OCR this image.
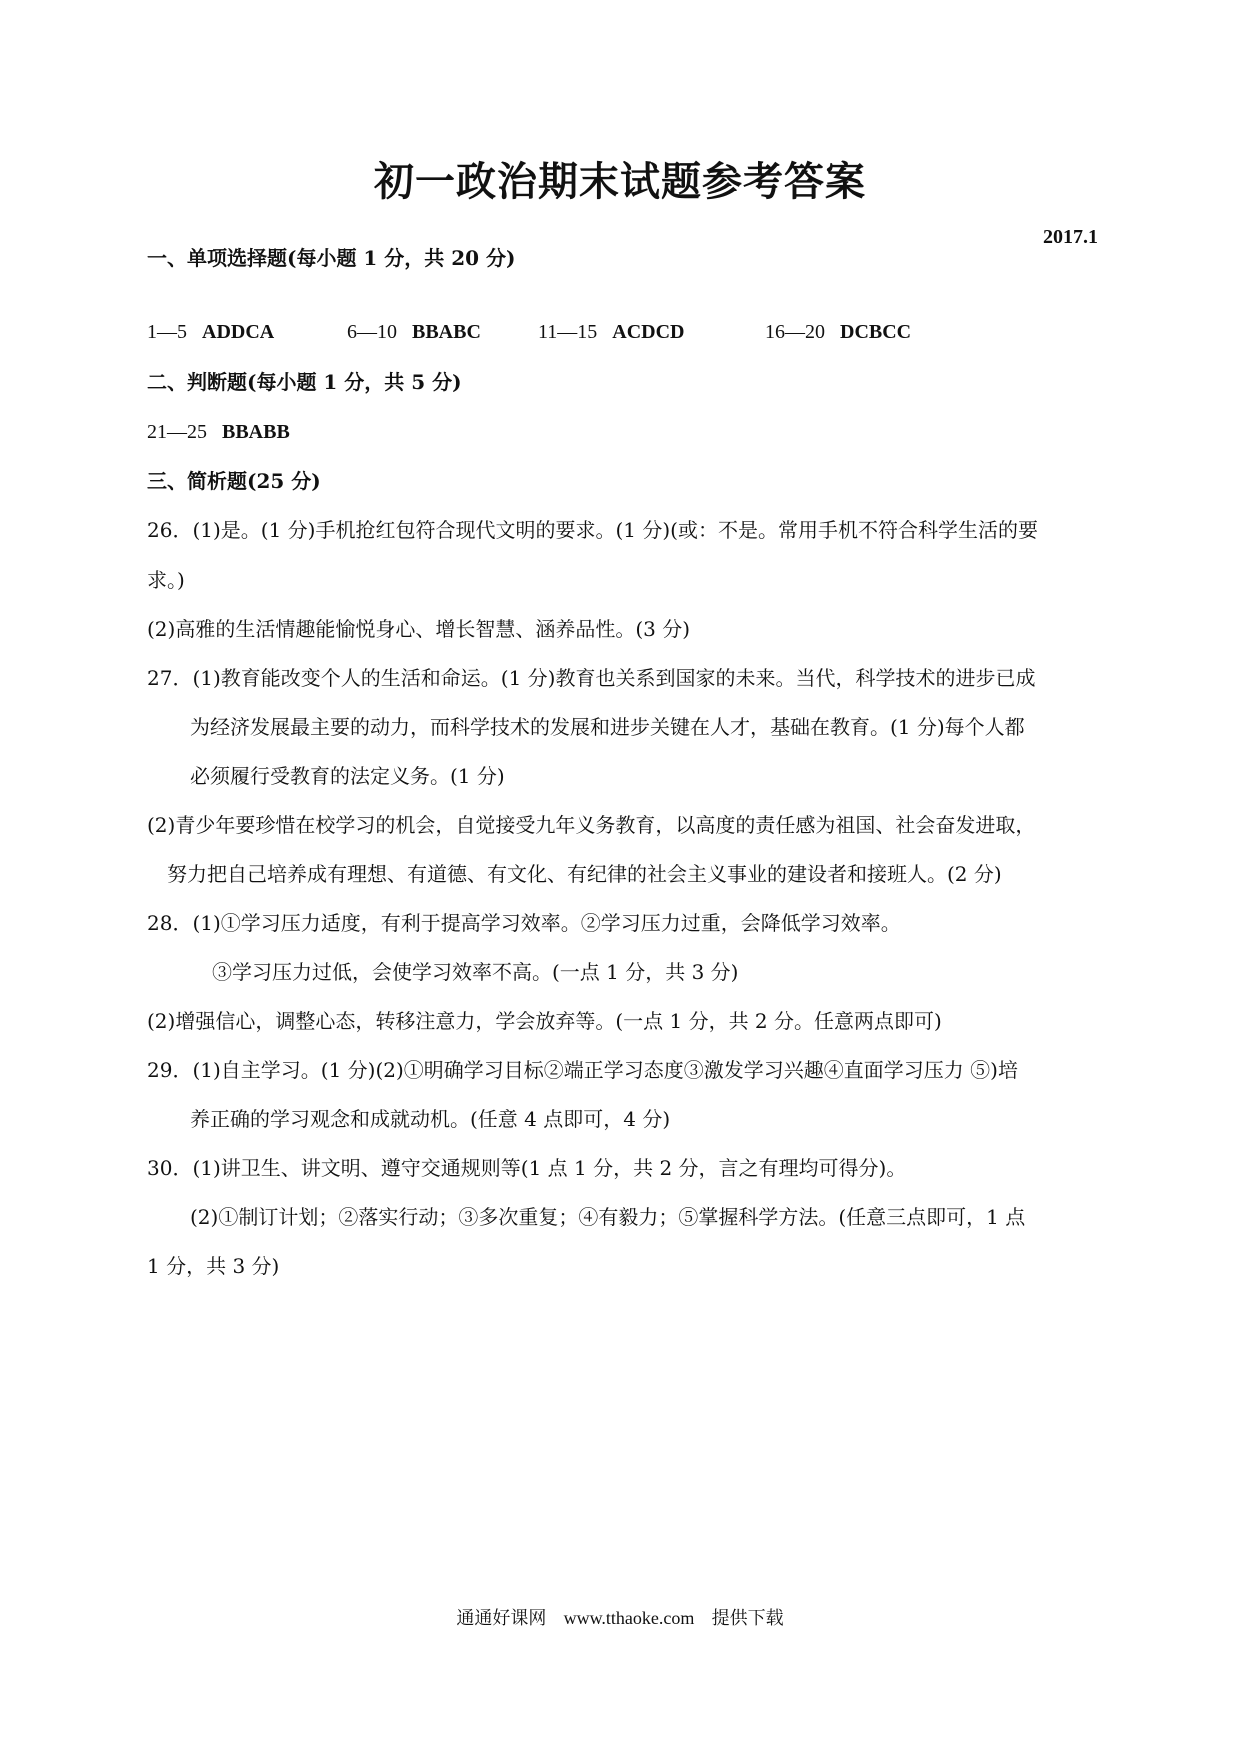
初一政治期末试题参考答案
2017.1
一、单项选择题(每小题 1 分，共 20 分)
1—5 ADDCA	6—10 BBABC	11—15 ACDCD	16—20 DCBCC
二、判断题(每小题 1 分，共 5 分)
21—25 BBABB
三、简析题(25 分)
26．(1)是。(1 分)手机抢红包符合现代文明的要求。(1 分)(或：不是。常用手机不符合科学生活的要
求。)
(2)高雅的生活情趣能愉悦身心、增长智慧、涵养品性。(3 分)
27．(1)教育能改变个人的生活和命运。(1 分)教育也关系到国家的未来。当代，科学技术的进步已成
为经济发展最主要的动力，而科学技术的发展和进步关键在人才，基础在教育。(1 分)每个人都
必须履行受教育的法定义务。(1 分)
(2)青少年要珍惜在校学习的机会，自觉接受九年义务教育，以高度的责任感为祖国、社会奋发进取，
努力把自己培养成有理想、有道德、有文化、有纪律的社会主义事业的建设者和接班人。(2 分)
28．(1)①学习压力适度，有利于提高学习效率。②学习压力过重，会降低学习效率。
③学习压力过低，会使学习效率不高。(一点 1 分，共 3 分)
(2)增强信心，调整心态，转移注意力，学会放弃等。(一点 1 分，共 2 分。任意两点即可)
29．(1)自主学习。(1 分)(2)①明确学习目标②端正学习态度③激发学习兴趣④直面学习压力 ⑤)培
养正确的学习观念和成就动机。(任意 4 点即可，4 分)
30．(1)讲卫生、讲文明、遵守交通规则等(1 点 1 分，共 2 分，言之有理均可得分)。
(2)①制订计划；②落实行动；③多次重复；④有毅力；⑤掌握科学方法。(任意三点即可，1 点
1 分，共 3 分)
通通好课网 www.tthaoke.com 提供下载
